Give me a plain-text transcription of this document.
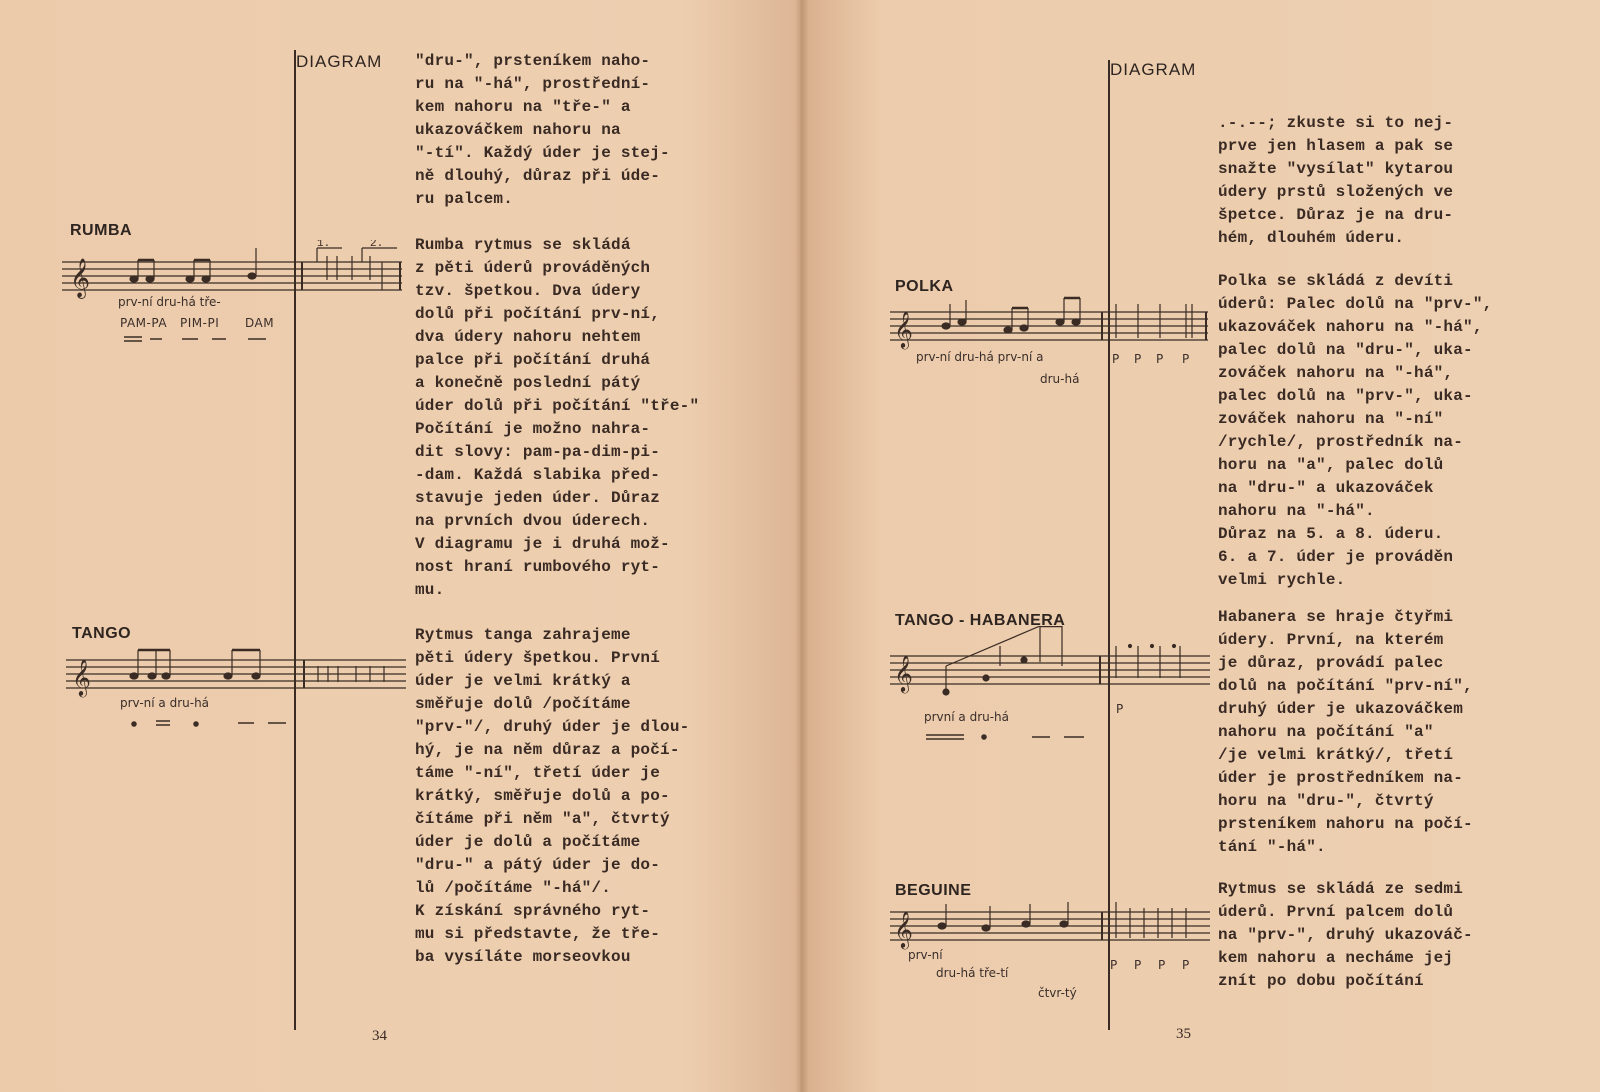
DIAGRAM "dru-", prsteníkem naho-
ru na "-há", prostřední-
kem nahoru na "tře-" a
ukazováčkem nahoru na
"-tí". Každý úder je stej-
ně dlouhý, důraz při úde-
ru palcem.
RUMBA
𝄞
1.	2.
prv-ní dru-há tře-
PAM-PA PIM-PI DAM
Rumba rytmus se skládá
z pěti úderů prováděných
tzv. špetkou. Dva údery
dolů při počítání prv-ní,
dva údery nahoru nehtem
palce při počítání druhá
a konečně poslední pátý
úder dolů při počítání "tře-"
Počítání je možno nahra-
dit slovy: pam-pa-dim-pi-
-dam. Každá slabika před-
stavuje jeden úder. Důraz
na prvních dvou úderech.
V diagramu je i druhá mož-
nost hraní rumbového ryt-
mu.
TANGO
𝄞
prv-ní a dru-há
Rytmus tanga zahrajeme
pěti údery špetkou. První
úder je velmi krátký a
směřuje dolů /počítáme
"prv-"/, druhý úder je dlou-
hý, je na něm důraz a počí-
táme "-ní", třetí úder je
krátký, směřuje dolů a po-
čítáme při něm "a", čtvrtý
úder je dolů a počítáme
"dru-" a pátý úder je do-
lů /počítáme "-há"/.
K získání správného ryt-
mu si představte, že tře-
ba vysíláte morseovkou
34
DIAGRAM
.-.--; zkuste si to nej-
prve jen hlasem a pak se
snažte "vysílat" kytarou
údery prstů složených ve
špetce. Důraz je na dru-
hém, dlouhém úderu.
POLKA
𝄞
prv-ní dru-há prv-ní a
dru-há
P P P P
Polka se skládá z devíti
úderů: Palec dolů na "prv-",
ukazováček nahoru na "-há",
palec dolů na "dru-", uka-
zováček nahoru na "-há",
palec dolů na "prv-", uka-
zováček nahoru na "-ní"
/rychle/, prostředník na-
horu na "a", palec dolů
na "dru-" a ukazováček
nahoru na "-há".
Důraz na 5. a 8. úderu.
6. a 7. úder je prováděn
velmi rychle.
TANGO - HABANERA
𝄞
P
první a dru-há
Habanera se hraje čtyřmi
údery. První, na kterém
je důraz, provádí palec
dolů na počítání "prv-ní",
druhý úder je ukazováčkem
nahoru na počítání "a"
/je velmi krátký/, třetí
úder je prostředníkem na-
horu na "dru-", čtvrtý
prsteníkem nahoru na počí-
tání "-há".
BEGUINE
𝄞
prv-ní
dru-há tře-tí
čtvr-tý
P P P P
Rytmus se skládá ze sedmi
úderů. První palcem dolů
na "prv-", druhý ukazováč-
kem nahoru a necháme jej
znít po dobu počítání
35
